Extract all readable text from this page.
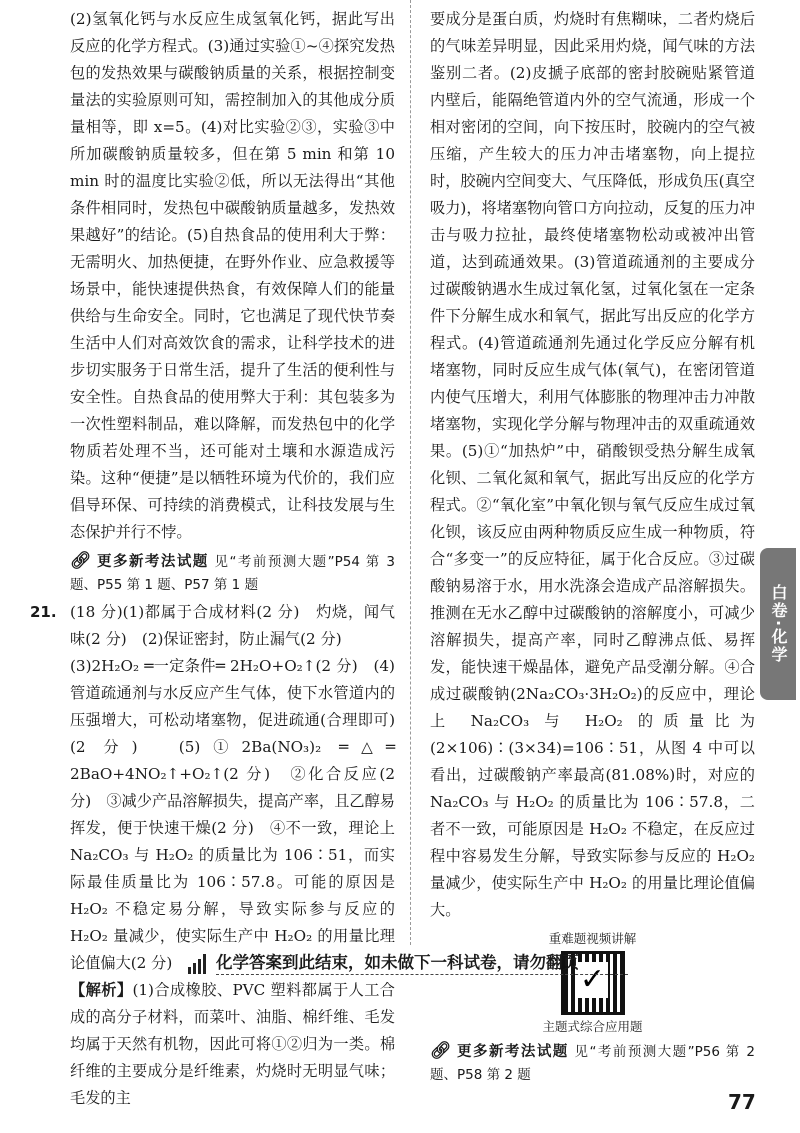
(2)氢氧化钙与水反应生成氢氧化钙，据此写出反应的化学方程式。(3)通过实验①~④探究发热包的发热效果与碳酸钠质量的关系，根据控制变量法的实验原则可知，需控制加入的其他成分质量相等，即 x=5。(4)对比实验②③，实验③中所加碳酸钠质量较多，但在第 5 min 和第 10 min 时的温度比实验②低，所以无法得出“其他条件相同时，发热包中碳酸钠质量越多，发热效果越好”的结论。(5)自热食品的使用利大于弊：无需明火、加热便捷，在野外作业、应急救援等场景中，能快速提供热食，有效保障人们的能量供给与生命安全。同时，它也满足了现代快节奏生活中人们对高效饮食的需求，让科学技术的进步切实服务于日常生活，提升了生活的便利性与安全性。自热食品的使用弊大于利：其包装多为一次性塑料制品，难以降解，而发热包中的化学物质若处理不当，还可能对土壤和水源造成污染。这种“便捷”是以牺牲环境为代价的，我们应倡导环保、可持续的消费模式，让科技发展与生态保护并行不悖。

🔗︎ 更多新考法试题 见“考前预测大题”P54 第 3 题、P55 第 1 题、P57 第 1 题
21. (18 分)(1)都属于合成材料(2 分)　灼烧，闻气味(2 分)　(2)保证密封，防止漏气(2 分)

(3)2H₂O₂ ═一定条件═ 2H₂O+O₂↑(2 分)　(4)管道疏通剂与水反应产生气体，使下水管道内的压强增大，可松动堵塞物，促进疏通(合理即可)(2 分)　(5)①2Ba(NO₃)₂ ═△═ 2BaO+4NO₂↑+O₂↑(2 分)　②化合反应(2 分)　③减少产品溶解损失，提高产率，且乙醇易挥发，便于快速干燥(2 分)　④不一致，理论上 Na₂CO₃ 与 H₂O₂ 的质量比为 106∶51，而实际最佳质量比为 106∶57.8。可能的原因是 H₂O₂ 不稳定易分解，导致实际参与反应的 H₂O₂ 量减少，使实际生产中 H₂O₂ 的用量比理论值偏大(2 分)

【解析】(1)合成橡胶、PVC 塑料都属于人工合成的高分子材料，而菜叶、油脂、棉纤维、毛发均属于天然有机物，因此可将①②归为一类。棉纤维的主要成分是纤维素，灼烧时无明显气味；毛发的主

要成分是蛋白质，灼烧时有焦糊味，二者灼烧后的气味差异明显，因此采用灼烧，闻气味的方法鉴别二者。(2)皮搋子底部的密封胶碗贴紧管道内壁后，能隔绝管道内外的空气流通，形成一个相对密闭的空间，向下按压时，胶碗内的空气被压缩，产生较大的压力冲击堵塞物，向上提拉时，胶碗内空间变大、气压降低，形成负压(真空吸力)，将堵塞物向管口方向拉动，反复的压力冲击与吸力拉扯，最终使堵塞物松动或被冲出管道，达到疏通效果。(3)管道疏通剂的主要成分过碳酸钠遇水生成过氧化氢，过氧化氢在一定条件下分解生成水和氧气，据此写出反应的化学方程式。(4)管道疏通剂先通过化学反应分解有机堵塞物，同时反应生成气体(氧气)，在密闭管道内使气压增大，利用气体膨胀的物理冲击力冲散堵塞物，实现化学分解与物理冲击的双重疏通效果。(5)①“加热炉”中，硝酸钡受热分解生成氧化钡、二氧化氮和氧气，据此写出反应的化学方程式。②“氧化室”中氧化钡与氧气反应生成过氧化钡，该反应由两种物质反应生成一种物质，符合“多变一”的反应特征，属于化合反应。③过碳酸钠易溶于水，用水洗涤会造成产品溶解损失。推测在无水乙醇中过碳酸钠的溶解度小，可减少溶解损失，提高产率，同时乙醇沸点低、易挥发，能快速干燥晶体，避免产品受潮分解。④合成过碳酸钠(2Na₂CO₃·3H₂O₂)的反应中，理论上 Na₂CO₃ 与 H₂O₂ 的质量比为(2×106)∶(3×34)=106∶51，从图 4 中可以看出，过碳酸钠产率最高(81.08%)时，对应的 Na₂CO₃ 与 H₂O₂ 的质量比为 106∶57.8，二者不一致，可能原因是 H₂O₂ 不稳定，在反应过程中容易发生分解，导致实际参与反应的 H₂O₂ 量减少，使实际生产中 H₂O₂ 的用量比理论值偏大。

重难题视频讲解
✓
主题式综合应用题
🔗︎ 更多新考法试题 见“考前预测大题”P56 第 2 题、P58 第 2 题
白卷·化学
化学答案到此结束，如未做下一科试卷，请勿翻页
77
